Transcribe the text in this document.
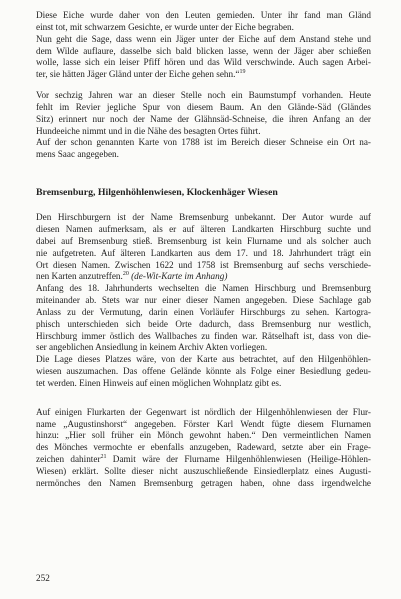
Diese Eiche wurde daher von den Leuten gemieden. Unter ihr fand man Gländ
einst tot, mit schwarzem Gesichte, er wurde unter der Eiche begraben.
Nun geht die Sage, dass wenn ein Jäger unter der Eiche auf dem Anstand stehe und
dem Wilde auflaure, dasselbe sich bald blicken lasse, wenn der Jäger aber schießen
wolle, lasse sich ein leiser Pfiff hören und das Wild verschwinde. Auch sagen Arbei-
ter, sie hätten Jäger Gländ unter der Eiche gehen sehn.“$^{19}$

Vor sechzig Jahren war an dieser Stelle noch ein Baumstumpf vorhanden. Heute
fehlt im Revier jegliche Spur von diesem Baum. An den Glände-Säd (Gländes
Sitz) erinnert nur noch der Name der Glähnsäd-Schneise, die ihren Anfang an der
Hundeeiche nimmt und in die Nähe des besagten Ortes führt.
Auf der schon genannten Karte von 1788 ist im Bereich dieser Schneise ein Ort na-
mens Saac angegeben.

Bremsenburg, Hilgenhöhlenwiesen, Klockenhäger Wiesen

Den Hirschburgern ist der Name Bremsenburg unbekannt. Der Autor wurde auf
diesen Namen aufmerksam, als er auf älteren Landkarten Hirschburg suchte und
dabei auf Bremsenburg stieß. Bremsenburg ist kein Flurname und als solcher auch
nie aufgetreten. Auf älteren Landkarten aus dem 17. und 18. Jahrhundert trägt ein
Ort diesen Namen. Zwischen 1622 und 1758 ist Bremsenburg auf sechs verschiede-
nen Karten anzutreffen.$^{20}$ (de-Wit-Karte im Anhang)

Anfang des 18. Jahrhunderts wechselten die Namen Hirschburg und Bremsenburg
miteinander ab. Stets war nur einer dieser Namen angegeben. Diese Sachlage gab
Anlass zu der Vermutung, darin einen Vorläufer Hirschburgs zu sehen. Kartogra-
phisch unterschieden sich beide Orte dadurch, dass Bremsenburg nur westlich,
Hirschburg immer östlich des Wallbaches zu finden war. Rätselhaft ist, dass von die-
ser angeblichen Ansiedlung in keinem Archiv Akten vorliegen.
Die Lage dieses Platzes wäre, von der Karte aus betrachtet, auf den Hilgenhöhlen-
wiesen auszumachen. Das offene Gelände könnte als Folge einer Besiedlung gedeu-
tet werden. Einen Hinweis auf einen möglichen Wohnplatz gibt es.

Auf einigen Flurkarten der Gegenwart ist nördlich der Hilgenhöhlenwiesen der Flur-
name „Augustinshorst“ angegeben. Förster Karl Wendt fügte diesem Flurnamen
hinzu: „Hier soll früher ein Mönch gewohnt haben.“ Den vermeintlichen Namen
des Mönches vermochte er ebenfalls anzugeben, Radeward, setzte aber ein Frage-
zeichen dahinter$^{21}$ Damit wäre der Flurname Hilgenhöhlenwiesen (Heilige-Höhlen-
Wiesen) erklärt. Sollte dieser nicht auszuschließende Einsiedlerplatz eines Augusti-
nermönches den Namen Bremsenburg getragen haben, ohne dass irgendwelche

252
